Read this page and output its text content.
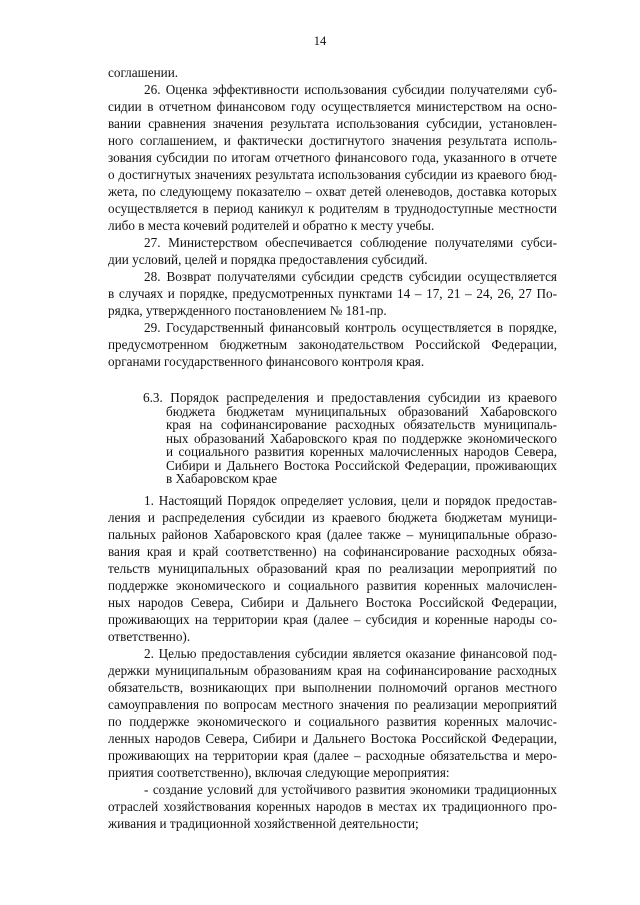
14
соглашении.
26. Оценка эффективности использования субсидии получателями суб-
сидии в отчетном финансовом году осуществляется министерством на осно-
вании сравнения значения результата использования субсидии, установлен-
ного соглашением, и фактически достигнутого значения результата исполь-
зования субсидии по итогам отчетного финансового года, указанного в отчете
о достигнутых значениях результата использования субсидии из краевого бюд-
жета, по следующему показателю – охват детей оленеводов, доставка которых
осуществляется в период каникул к родителям в труднодоступные местности
либо в места кочевий родителей и обратно к месту учебы.
27. Министерством обеспечивается соблюдение получателями субси-
дии условий, целей и порядка предоставления субсидий.
28. Возврат получателями субсидии средств субсидии осуществляется
в случаях и порядке, предусмотренных пунктами 14 – 17, 21 – 24, 26, 27 По-
рядка, утвержденного постановлением № 181-пр.
29. Государственный финансовый контроль осуществляется в порядке,
предусмотренном бюджетным законодательством Российской Федерации,
органами государственного финансового контроля края.
6.3. Порядок распределения и предоставления субсидии из краевого
бюджета бюджетам муниципальных образований Хабаровского
края на софинансирование расходных обязательств муниципаль-
ных образований Хабаровского края по поддержке экономического
и социального развития коренных малочисленных народов Севера,
Сибири и Дальнего Востока Российской Федерации, проживающих
в Хабаровском крае
1. Настоящий Порядок определяет условия, цели и порядок предостав-
ления и распределения субсидии из краевого бюджета бюджетам муници-
пальных районов Хабаровского края (далее также – муниципальные образо-
вания края и край соответственно) на софинансирование расходных обяза-
тельств муниципальных образований края по реализации мероприятий по
поддержке экономического и социального развития коренных малочислен-
ных народов Севера, Сибири и Дальнего Востока Российской Федерации,
проживающих на территории края (далее – субсидия и коренные народы со-
ответственно).
2. Целью предоставления субсидии является оказание финансовой под-
держки муниципальным образованиям края на софинансирование расходных
обязательств, возникающих при выполнении полномочий органов местного
самоуправления по вопросам местного значения по реализации мероприятий
по поддержке экономического и социального развития коренных малочис-
ленных народов Севера, Сибири и Дальнего Востока Российской Федерации,
проживающих на территории края (далее – расходные обязательства и меро-
приятия соответственно), включая следующие мероприятия:
- создание условий для устойчивого развития экономики традиционных
отраслей хозяйствования коренных народов в местах их традиционного про-
живания и традиционной хозяйственной деятельности;
